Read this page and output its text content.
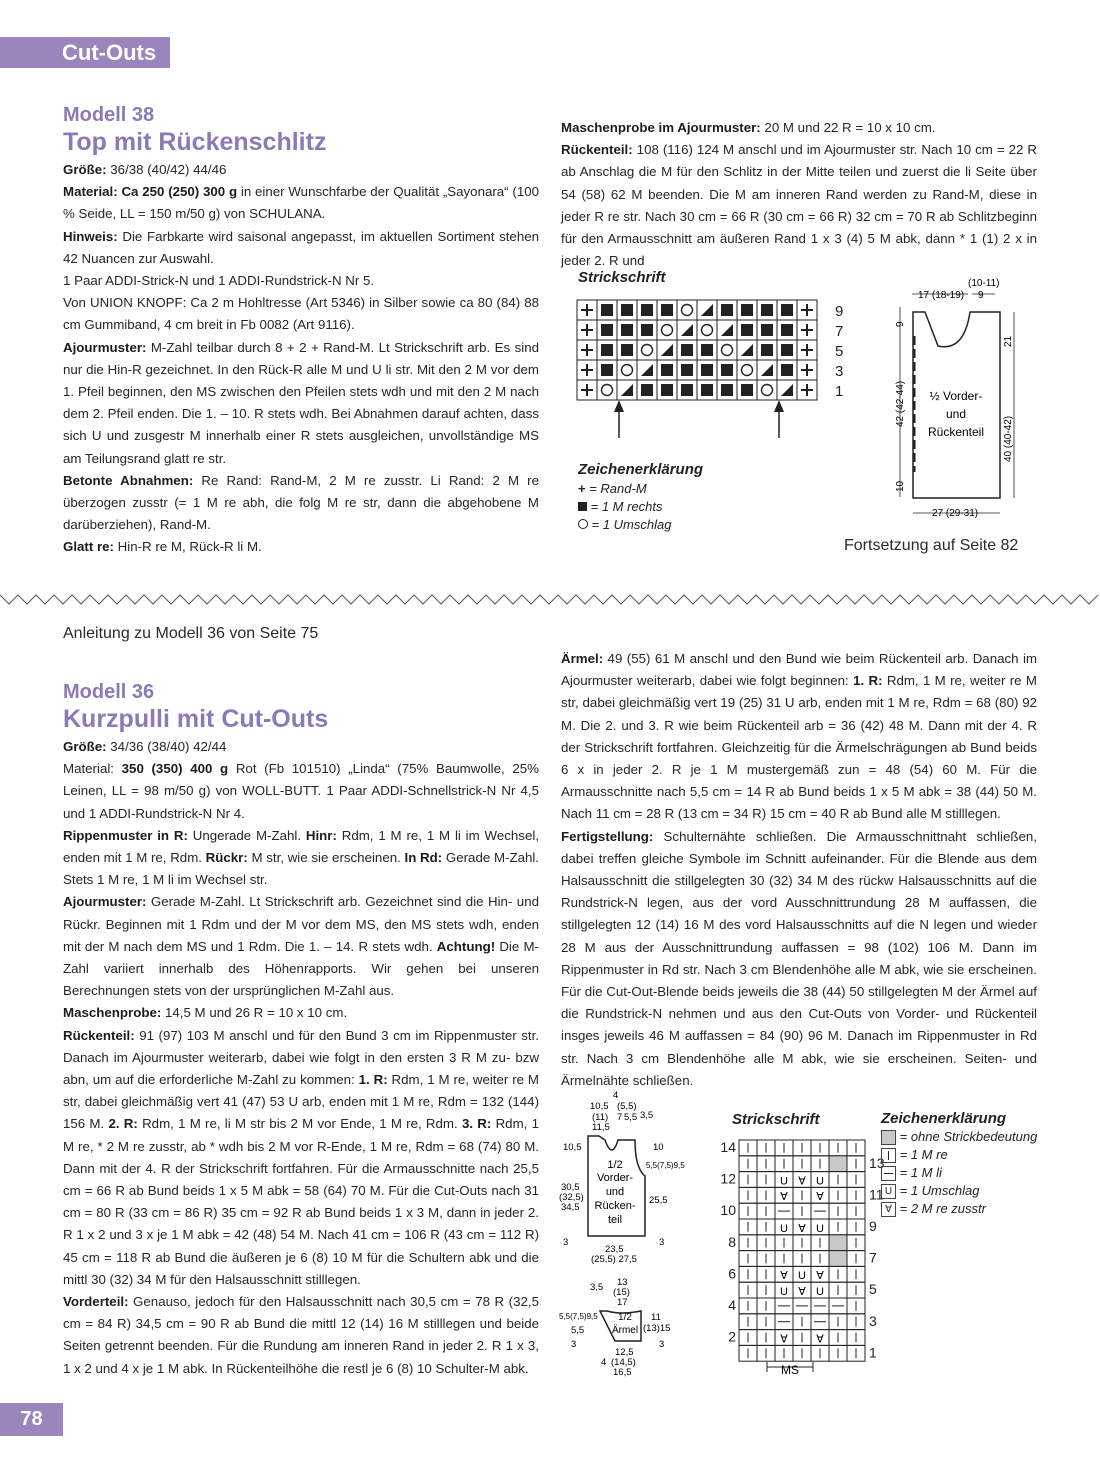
Cut-Outs
Modell 38
Top mit Rückenschlitz

Größe: 36/38 (40/42) 44/46

Material: Ca 250 (250) 300 g in einer Wunschfarbe der Qualität „Sayonara“ (100 % Seide, LL = 150 m/50 g) von SCHULANA.

Hinweis: Die Farbkarte wird saisonal angepasst, im aktuellen Sortiment stehen 42 Nuancen zur Auswahl.

1 Paar ADDI-Strick-N und 1 ADDI-Rundstrick-N Nr 5.

Von UNION KNOPF: Ca 2 m Hohltresse (Art 5346) in Silber sowie ca 80 (84) 88 cm Gummiband, 4 cm breit in Fb 0082 (Art 9116).

Ajourmuster: M-Zahl teilbar durch 8 + 2 + Rand-M. Lt Strickschrift arb. Es sind nur die Hin-R gezeichnet. In den Rück-R alle M und U li str. Mit den 2 M vor dem 1. Pfeil beginnen, den MS zwischen den Pfeilen stets wdh und mit den 2 M nach dem 2. Pfeil enden. Die 1. – 10. R stets wdh. Bei Abnahmen darauf achten, dass sich U und zusgestr M innerhalb einer R stets ausgleichen, unvollständige MS am Teilungsrand glatt re str.

Betonte Abnahmen: Re Rand: Rand-M, 2 M re zusstr. Li Rand: 2 M re überzogen zusstr (= 1 M re abh, die folg M re str, dann die abgehobene M darüberziehen), Rand-M.

Glatt re: Hin-R re M, Rück-R li M.

Maschenprobe im Ajourmuster: 20 M und 22 R = 10 x 10 cm.

Rückenteil: 108 (116) 124 M anschl und im Ajourmuster str. Nach 10 cm = 22 R ab Anschlag die M für den Schlitz in der Mitte teilen und zuerst die li Seite über 54 (58) 62 M beenden. Die M am inneren Rand werden zu Rand-M, diese in jeder R re str. Nach 30 cm = 66 R (30 cm = 66 R) 32 cm = 70 R ab Schlitzbeginn für den Armausschnitt am äußeren Rand 1 x 3 (4) 5 M abk, dann * 1 (1) 2 x in jeder 2. R und

Strickschrift
9
7
5
3
1
Zeichenerklärung
+ = Rand-M
= 1 M rechts
= 1 Umschlag
(10-11)
17 (18-19) 9
9
42 (42-44)
10
21
40 (40-42)
27 (29-31)
½ Vorder-
und
Rückenteil
Fortsetzung auf Seite 82
Anleitung zu Modell 36 von Seite 75
Modell 36
Kurzpulli mit Cut-Outs

Größe: 34/36 (38/40) 42/44

Material: 350 (350) 400 g Rot (Fb 101510) „Linda“ (75% Baumwolle, 25% Leinen, LL = 98 m/50 g) von WOLL-BUTT. 1 Paar ADDI-Schnellstrick-N Nr 4,5 und 1 ADDI-Rundstrick-N Nr 4.

Rippenmuster in R: Ungerade M-Zahl. Hinr: Rdm, 1 M re, 1 M li im Wechsel, enden mit 1 M re, Rdm. Rückr: M str, wie sie erscheinen. In Rd: Gerade M-Zahl. Stets 1 M re, 1 M li im Wechsel str.

Ajourmuster: Gerade M-Zahl. Lt Strickschrift arb. Gezeichnet sind die Hin- und Rückr. Beginnen mit 1 Rdm und der M vor dem MS, den MS stets wdh, enden mit der M nach dem MS und 1 Rdm. Die 1. – 14. R stets wdh. Achtung! Die M-Zahl variiert innerhalb des Höhenrapports. Wir gehen bei unseren Berechnungen stets von der ursprünglichen M-Zahl aus.

Maschenprobe: 14,5 M und 26 R = 10 x 10 cm.

Rückenteil: 91 (97) 103 M anschl und für den Bund 3 cm im Rippenmuster str. Danach im Ajourmuster weiterarb, dabei wie folgt in den ersten 3 R M zu- bzw abn, um auf die erforderliche M-Zahl zu kommen: 1. R: Rdm, 1 M re, weiter re M str, dabei gleichmäßig vert 41 (47) 53 U arb, enden mit 1 M re, Rdm = 132 (144) 156 M. 2. R: Rdm, 1 M re, li M str bis 2 M vor Ende, 1 M re, Rdm. 3. R: Rdm, 1 M re, * 2 M re zusstr, ab * wdh bis 2 M vor R-Ende, 1 M re, Rdm = 68 (74) 80 M. Dann mit der 4. R der Strickschrift fortfahren. Für die Armausschnitte nach 25,5 cm = 66 R ab Bund beids 1 x 5 M abk = 58 (64) 70 M. Für die Cut-Outs nach 31 cm = 80 R (33 cm = 86 R) 35 cm = 92 R ab Bund beids 1 x 3 M, dann in jeder 2. R 1 x 2 und 3 x je 1 M abk = 42 (48) 54 M. Nach 41 cm = 106 R (43 cm = 112 R) 45 cm = 118 R ab Bund die äußeren je 6 (8) 10 M für die Schultern abk und die mittl 30 (32) 34 M für den Halsausschnitt stilllegen.

Vorderteil: Genauso, jedoch für den Halsausschnitt nach 30,5 cm = 78 R (32,5 cm = 84 R) 34,5 cm = 90 R ab Bund die mittl 12 (14) 16 M stilllegen und beide Seiten getrennt beenden. Für die Rundung am inneren Rand in jeder 2. R 1 x 3, 1 x 2 und 4 x je 1 M abk. In Rückenteilhöhe die restl je 6 (8) 10 Schulter-M abk.

Ärmel: 49 (55) 61 M anschl und den Bund wie beim Rückenteil arb. Danach im Ajourmuster weiterarb, dabei wie folgt beginnen: 1. R: Rdm, 1 M re, weiter re M str, dabei gleichmäßig vert 19 (25) 31 U arb, enden mit 1 M re, Rdm = 68 (80) 92 M. Die 2. und 3. R wie beim Rückenteil arb = 36 (42) 48 M. Dann mit der 4. R der Strickschrift fortfahren. Gleichzeitig für die Ärmelschrägungen ab Bund beids 6 x in jeder 2. R je 1 M mustergemäß zun = 48 (54) 60 M. Für die Armausschnitte nach 5,5 cm = 14 R ab Bund beids 1 x 5 M abk = 38 (44) 50 M. Nach 11 cm = 28 R (13 cm = 34 R) 15 cm = 40 R ab Bund alle M stilllegen.

Fertigstellung: Schulternähte schließen. Die Armausschnittnaht schließen, dabei treffen gleiche Symbole im Schnitt aufeinander. Für die Blende aus dem Halsausschnitt die stillgelegten 30 (32) 34 M des rückw Halsausschnitts auf die Rundstrick-N legen, aus der vord Ausschnittrundung 28 M auffassen, die stillgelegten 12 (14) 16 M des vord Halsausschnitts auf die N legen und wieder 28 M aus der Ausschnittrundung auffassen = 98 (102) 106 M. Dann im Rippenmuster in Rd str. Nach 3 cm Blendenhöhe alle M abk, wie sie erscheinen. Für die Cut-Out-Blende beids jeweils die 38 (44) 50 stillgelegten M der Ärmel auf die Rundstrick-N nehmen und aus den Cut-Outs von Vorder- und Rückenteil insges jeweils 46 M auffassen = 84 (90) 96 M. Danach im Rippenmuster in Rd str. Nach 3 cm Blendenhöhe alle M abk, wie sie erscheinen. Seiten- und Ärmelnähte schließen.

4
10,5 (5,5)
(11) 7 5,5
11,5
3,5
10,5	10
5,5(7,5)9,5
1/2
Vorder-
und
Rücken-
teil
30,5
(32,5)
34,5
25,5
3	3
23,5
(25,5) 27,5
13
(15)
17
3,5
5,5(7,5)9,5
5,5
3
1/2
Ärmel
11
(13)15
3
4
12,5
(14,5)
16,5
Strickschrift
U ∀ U
∀	∀
U ∀ U
∀ U ∀
U ∀ U
∀	∀
14
12
10
8
6
4
2
13
11
9
7
5
3
1
MS
Zeichenerklärung
= ohne Strickbedeutung
= 1 M re
= 1 M li
U = 1 Umschlag
∀ = 2 M re zusstr
78
